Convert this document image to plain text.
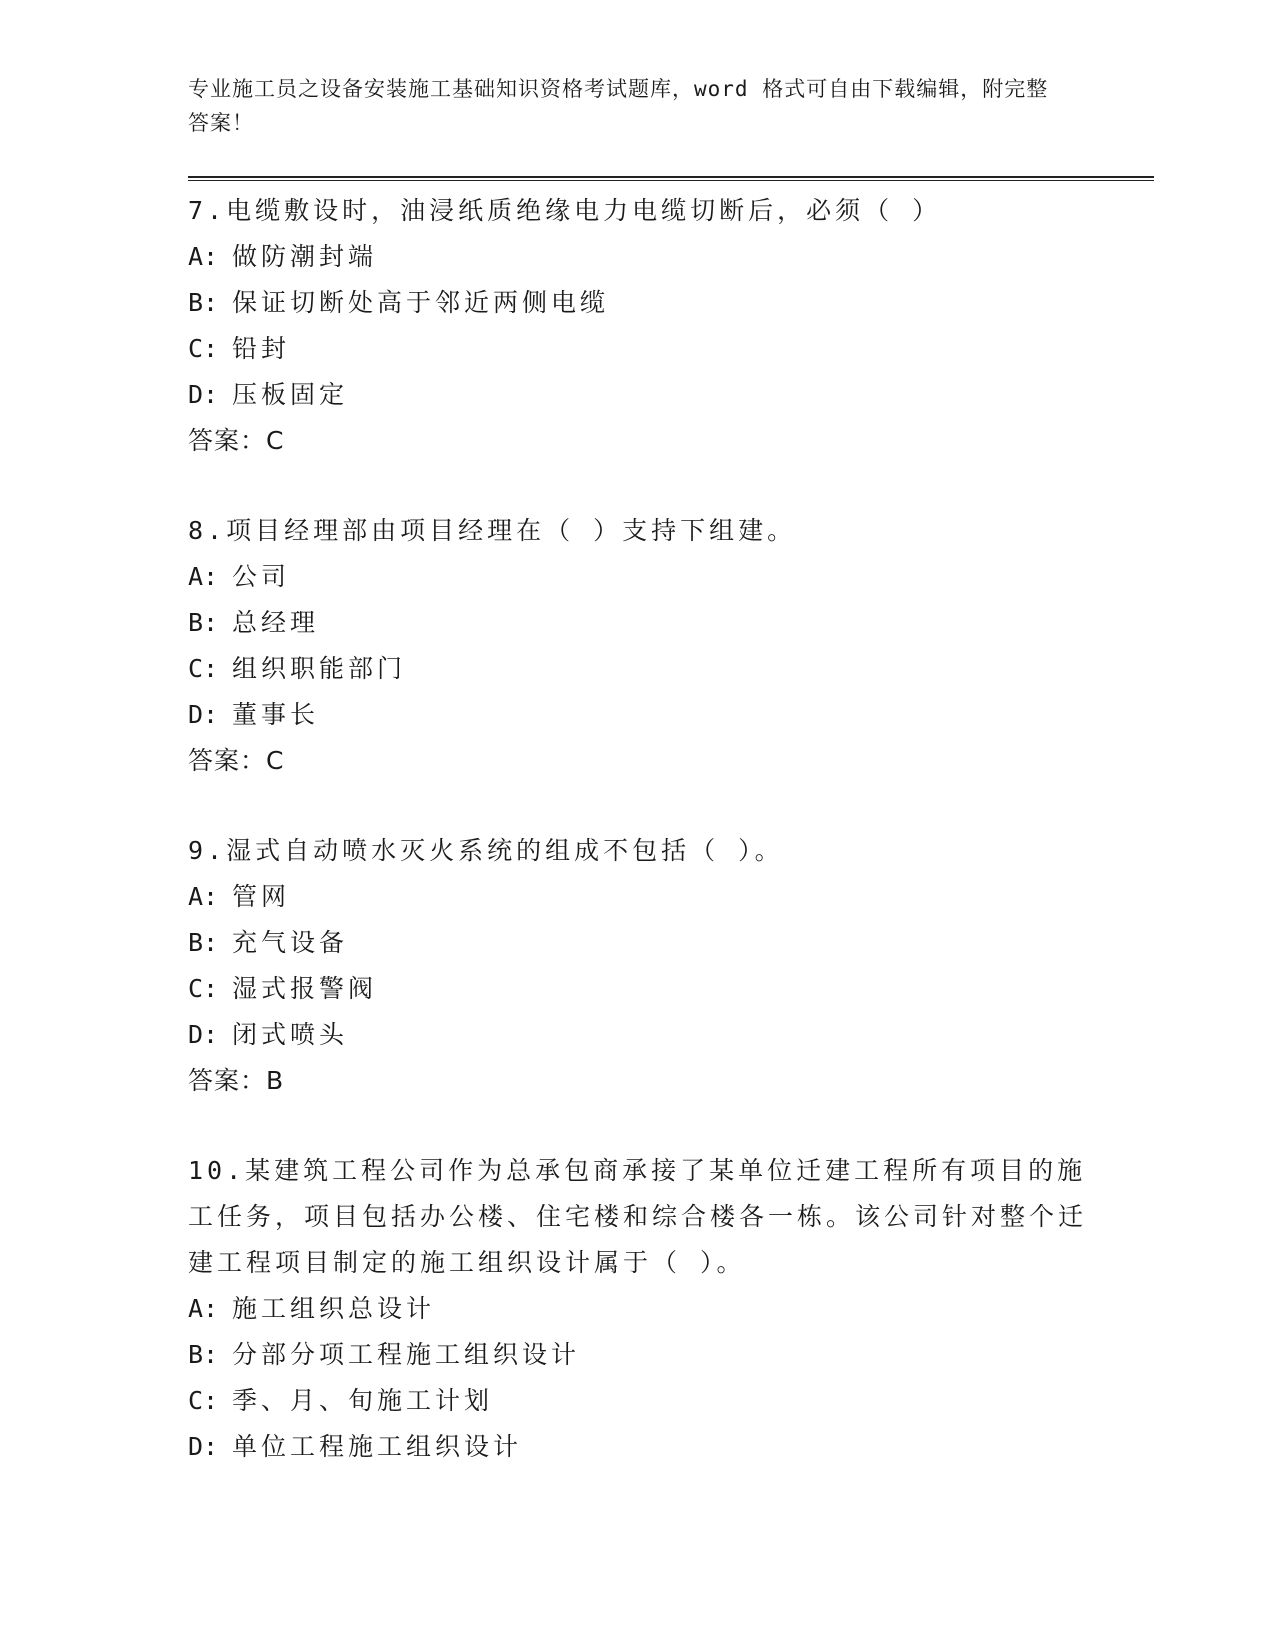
专业施工员之设备安装施工基础知识资格考试题库，word 格式可自由下载编辑，附完整答案！

7.电缆敷设时，油浸纸质绝缘电力电缆切断后，必须（ ）

A: 做防潮封端

B: 保证切断处高于邻近两侧电缆

C: 铅封

D: 压板固定

答案：C

8.项目经理部由项目经理在（ ）支持下组建。

A: 公司

B: 总经理

C: 组织职能部门

D: 董事长

答案：C

9.湿式自动喷水灭火系统的组成不包括（ ）。

A: 管网

B: 充气设备

C: 湿式报警阀

D: 闭式喷头

答案：B

10.某建筑工程公司作为总承包商承接了某单位迁建工程所有项目的施工任务，项目包括办公楼、住宅楼和综合楼各一栋。该公司针对整个迁建工程项目制定的施工组织设计属于（ ）。

A: 施工组织总设计

B: 分部分项工程施工组织设计

C: 季、月、旬施工计划

D: 单位工程施工组织设计
